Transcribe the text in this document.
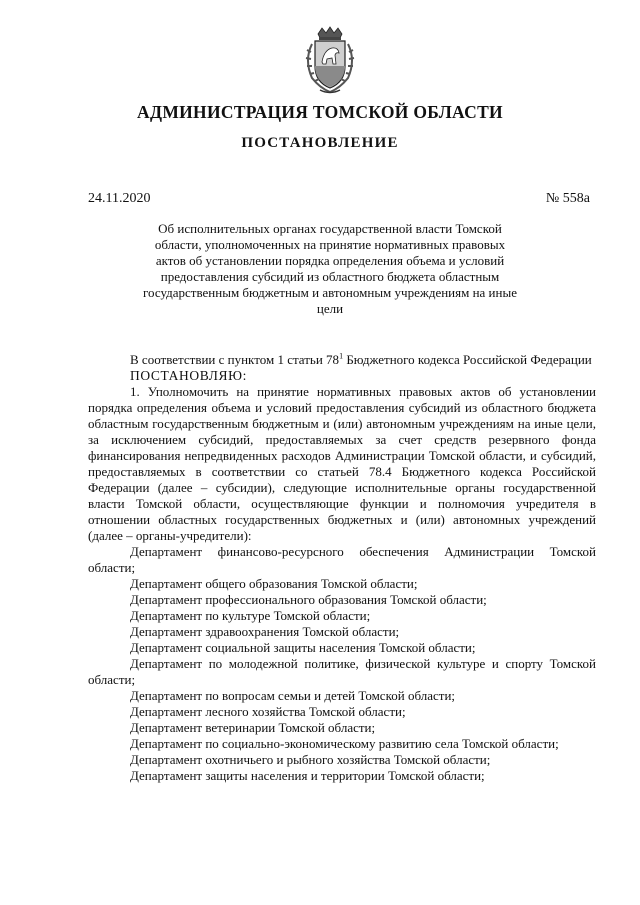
АДМИНИСТРАЦИЯ ТОМСКОЙ ОБЛАСТИ
ПОСТАНОВЛЕНИЕ
24.11.2020	№ 558а
Об исполнительных органах государственной власти Томской области, уполномоченных на принятие нормативных правовых актов об установлении порядка определения объема и условий предоставления субсидий из областного бюджета областным государственным бюджетным и автономным учреждениям на иные цели

В соответствии с пунктом 1 статьи $78^1$ Бюджетного кодекса Российской Федерации

ПОСТАНОВЛЯЮ:

1. Уполномочить на принятие нормативных правовых актов об установлении порядка определения объема и условий предоставления субсидий из областного бюджета областным государственным бюджетным и (или) автономным учреждениям на иные цели, за исключением субсидий, предоставляемых за счет средств резервного фонда финансирования непредвиденных расходов Администрации Томской области, и субсидий, предоставляемых в соответствии со статьей 78.4 Бюджетного кодекса Российской Федерации (далее – субсидии), следующие исполнительные органы государственной власти Томской области, осуществляющие функции и полномочия учредителя в отношении областных государственных бюджетных и (или) автономных учреждений (далее – органы-учредители):

Департамент финансово-ресурсного обеспечения Администрации Томской области;
Департамент общего образования Томской области;
Департамент профессионального образования Томской области;
Департамент по культуре Томской области;
Департамент здравоохранения Томской области;
Департамент социальной защиты населения Томской области;
Департамент по молодежной политике, физической культуре и спорту Томской области;
Департамент по вопросам семьи и детей Томской области;
Департамент лесного хозяйства Томской области;
Департамент ветеринарии Томской области;
Департамент по социально-экономическому развитию села Томской области;
Департамент охотничьего и рыбного хозяйства Томской области;
Департамент защиты населения и территории Томской области;
